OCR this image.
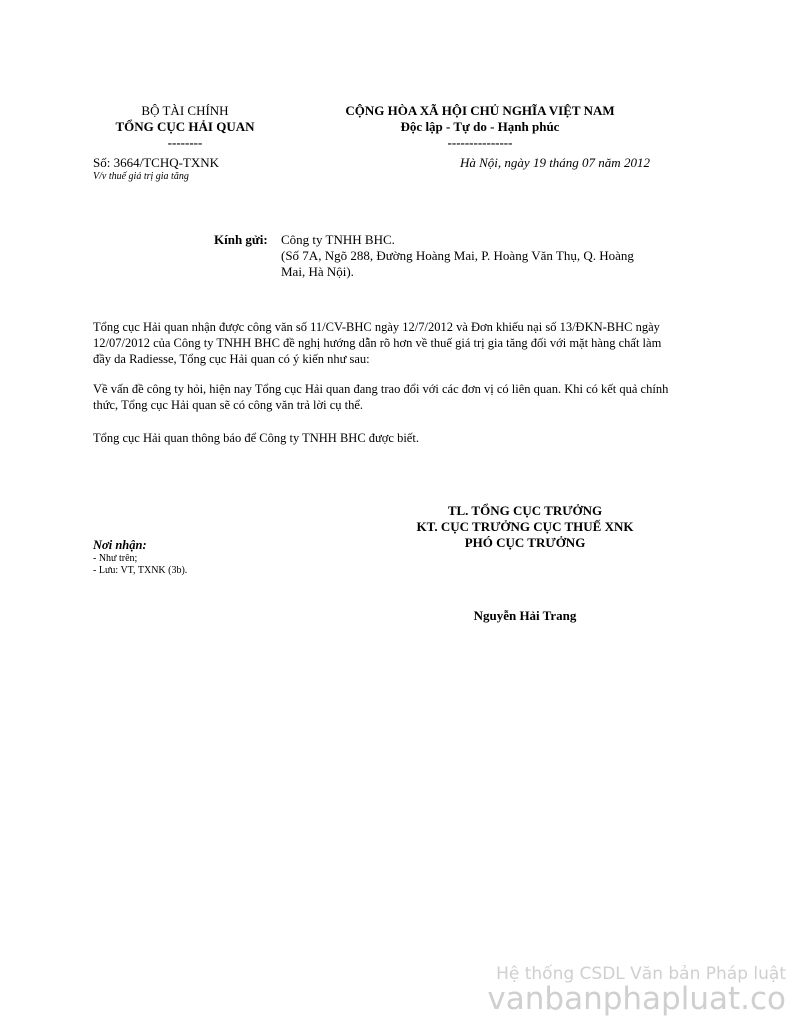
BỘ TÀI CHÍNH
TỔNG CỤC HẢI QUAN
--------
CỘNG HÒA XÃ HỘI CHỦ NGHĨA VIỆT NAM
Độc lập - Tự do - Hạnh phúc
---------------
Số: 3664/TCHQ-TXNK
V/v thuế giá trị gia tăng
Hà Nội, ngày 19 tháng 07 năm 2012
Kính gửi: Công ty TNHH BHC.
(Số 7A, Ngõ 288, Đường Hoàng Mai, P. Hoàng Văn Thụ, Q. Hoàng
Mai, Hà Nội).
Tổng cục Hải quan nhận được công văn số 11/CV-BHC ngày 12/7/2012 và Đơn khiếu nại số 13/ĐKN-BHC ngày
12/07/2012 của Công ty TNHH BHC đề nghị hướng dẫn rõ hơn về thuế giá trị gia tăng đối với mặt hàng chất làm
đầy da Radiesse, Tổng cục Hải quan có ý kiến như sau:
Về vấn đề công ty hỏi, hiện nay Tổng cục Hải quan đang trao đổi với các đơn vị có liên quan. Khi có kết quả chính
thức, Tổng cục Hải quan sẽ có công văn trả lời cụ thể.
Tổng cục Hải quan thông báo để Công ty TNHH BHC được biết.
TL. TỔNG CỤC TRƯỞNG
KT. CỤC TRƯỞNG CỤC THUẾ XNK
PHÓ CỤC TRƯỞNG
Nguyễn Hải Trang
Nơi nhận:
- Như trên;
- Lưu: VT, TXNK (3b).
Hệ thống CSDL Văn bản Pháp luật
vanbanphapluat.co
